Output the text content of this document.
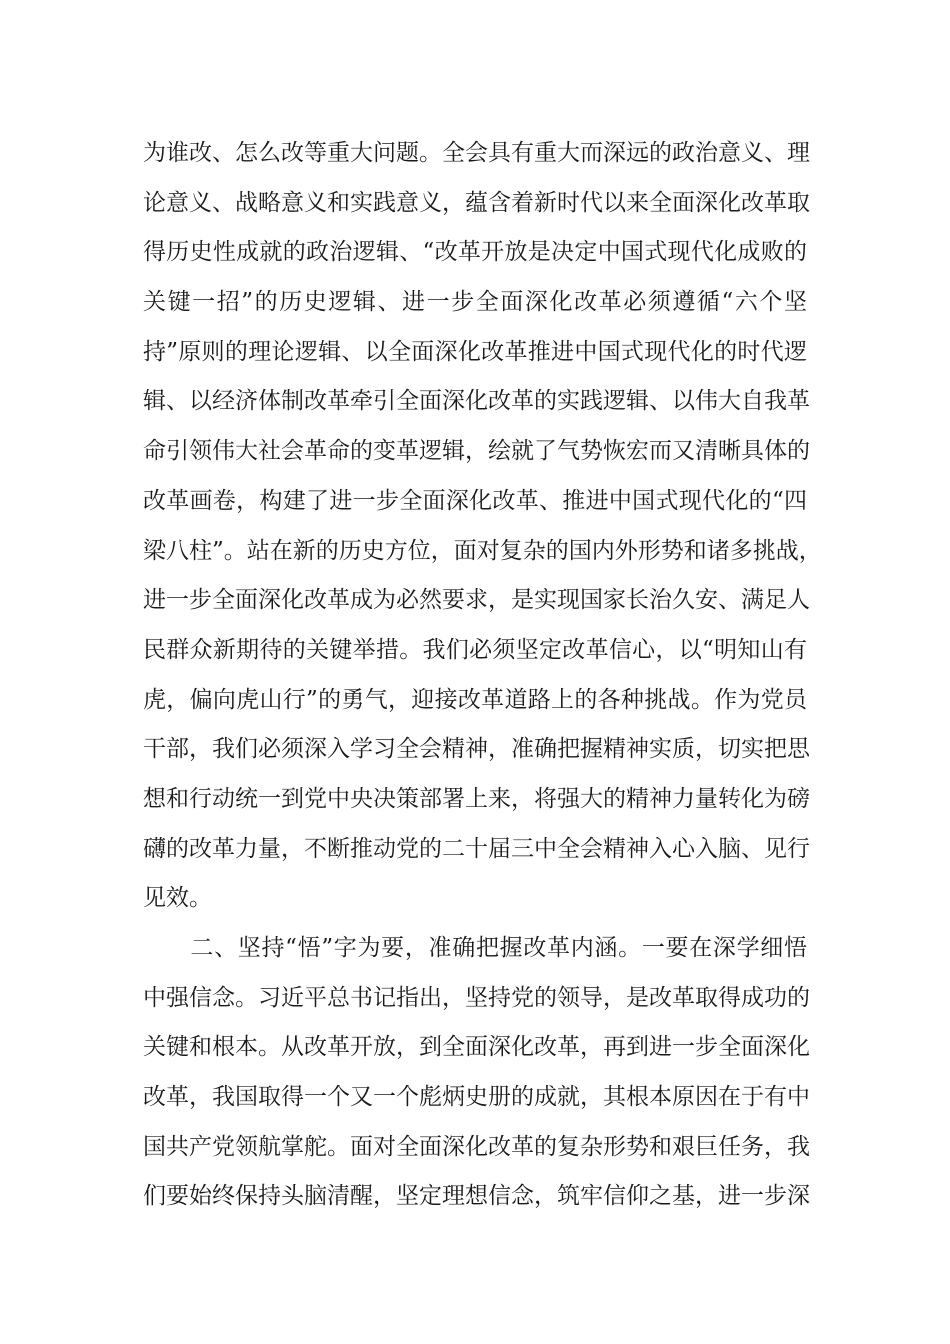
为谁改、怎么改等重大问题。全会具有重大而深远的政治意义、理
论意义、战略意义和实践意义，蕴含着新时代以来全面深化改革取
得历史性成就的政治逻辑、“改革开放是决定中国式现代化成败的
关键一招”的历史逻辑、进一步全面深化改革必须遵循“六个坚
持”原则的理论逻辑、以全面深化改革推进中国式现代化的时代逻
辑、以经济体制改革牵引全面深化改革的实践逻辑、以伟大自我革
命引领伟大社会革命的变革逻辑，绘就了气势恢宏而又清晰具体的
改革画卷，构建了进一步全面深化改革、推进中国式现代化的“四
梁八柱”。站在新的历史方位，面对复杂的国内外形势和诸多挑战，
进一步全面深化改革成为必然要求，是实现国家长治久安、满足人
民群众新期待的关键举措。我们必须坚定改革信心，以“明知山有
虎，偏向虎山行”的勇气，迎接改革道路上的各种挑战。作为党员
干部，我们必须深入学习全会精神，准确把握精神实质，切实把思
想和行动统一到党中央决策部署上来，将强大的精神力量转化为磅
礴的改革力量，不断推动党的二十届三中全会精神入心入脑、见行
见效。
　　二、坚持“悟”字为要，准确把握改革内涵。一要在深学细悟
中强信念。习近平总书记指出，坚持党的领导，是改革取得成功的
关键和根本。从改革开放，到全面深化改革，再到进一步全面深化
改革，我国取得一个又一个彪炳史册的成就，其根本原因在于有中
国共产党领航掌舵。面对全面深化改革的复杂形势和艰巨任务，我
们要始终保持头脑清醒，坚定理想信念，筑牢信仰之基，进一步深
